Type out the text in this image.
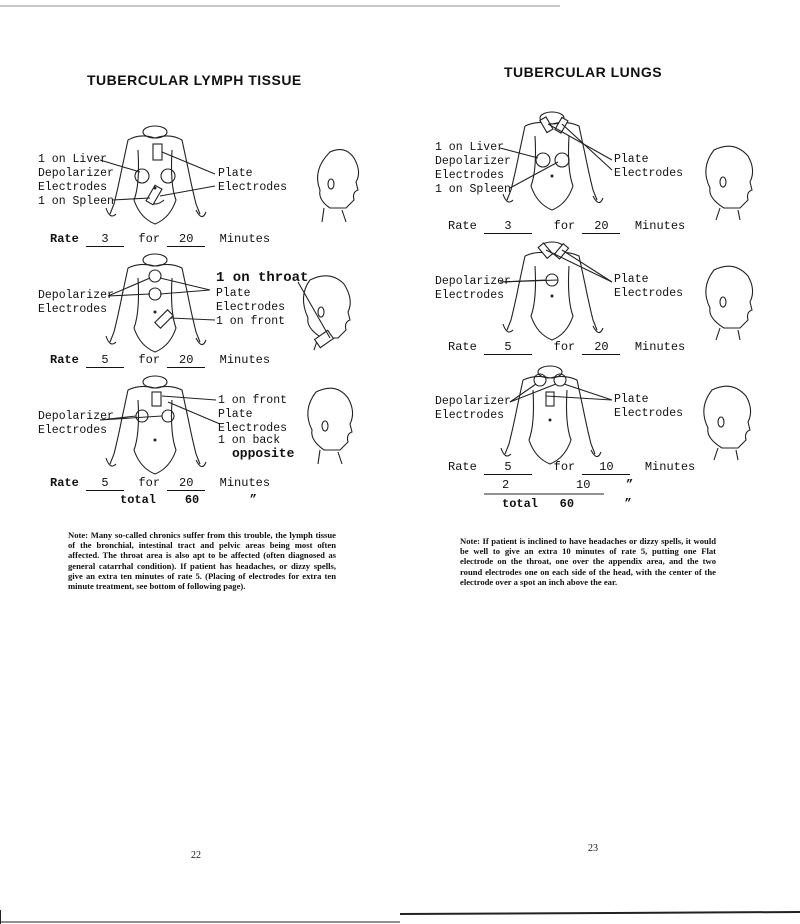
TUBERCULAR LYMPH TISSUE
1 on Liver
Depolarizer
Electrodes
1 on Spleen
Plate
Electrodes
Rate 3 for 20 Minutes
Depolarizer
Electrodes
1 on throat
Plate
Electrodes
1 on front
Rate 5 for 20 Minutes
Depolarizer
Electrodes
1 on front
Plate
Electrodes
1 on back
opposite
Rate 5 for 20 Minutes
total 60	”
Note: Many so-called chronics suffer from this trouble, the lymph tissue of the bronchial, intestinal tract and pelvic areas being most often affected. The throat area is also apt to be affected (often diagnosed as general catarrhal condition). If patient has headaches, or dizzy spells, give an extra ten minutes of rate 5. (Placing of electrodes for extra ten minute treatment, see bottom of following page).
22
TUBERCULAR LUNGS
1 on Liver
Depolarizer
Electrodes
1 on Spleen
Plate
Electrodes
Rate 3	for 20 Minutes
Depolarizer
Electrodes
Plate
Electrodes
Rate 5	for 20 Minutes
Depolarizer
Electrodes
Plate
Electrodes
Rate 5	for 10	Minutes
2	10	”
total 60	”
Note: If patient is inclined to have headaches or dizzy spells, it would be well to give an extra 10 minutes of rate 5, putting one Flat electrode on the throat, one over the appendix area, and the two round electrodes one on each side of the head, with the center of the electrode over a spot an inch above the ear.
23
